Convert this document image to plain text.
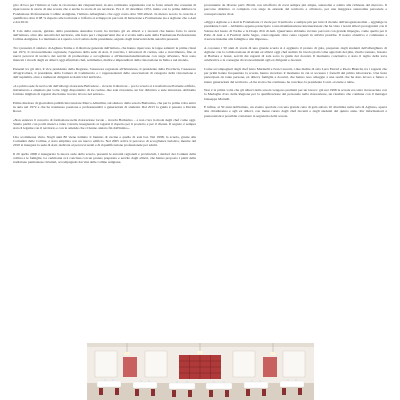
giro di boa per l'istituto si vede la ricorrenza dei cinquant'anni, in una cerimonia organizzata con le forze attuali che consente di ripercorrere la storia di una scuola che è anche la storia di un territorio. Era il 10 dicembre 1972, inizio con la prima delibera la Fondazione Professionale Colline Astigiane, l'istituto Alberghiero che oggi conta oltre 500 allievi. In mezzo secolo la crescita è qualificata oltre il 98 % rispetto alle iscrizioni e l'offerta si sviluppa in percorsi di Istruzione e Formazione sia a Agliano che a Asti e dal 2010.

Il Cda della scuola, guidato dalla presidente Annalisa Conti, ha invitato gli ex allievi e i docenti che hanno fatto la storia dell'istituto, oltre alle autorità del territorio, alla festa per i cinquant'anni che si è svolta nella sede della Fondazione Professionale Colline Astigiane. La mattinata si è aperta con il saluto della presidente, seguito dagli interventi delle autorità presenti.

Tra i presenti, il sindaco di Agliano Terme e il direttore generale dell'istituto, che hanno ripercorso le tappe salienti: le prime classi nel 1972, il riconoscimento regionale, l'apertura della sede di Asti, il convitto, i laboratori di cucina, sala e ricevimento, fino ai nuovi percorsi di tecnico dei servizi di promozione e accoglienza e all'internazionalizzazione con stage all'estero. Non sono mancati i ricordi degli ex allievi oggi affermati chef, sommelier, maître e imprenditori della ristorazione in Italia e nel mondo.

Presenti tra gli altri, il vice presidente della Regione, l'assessore regionale all'Istruzione, il presidente della Provincia, l'assessore all'agricoltura, il presidente della Camera di Commercio e i rappresentanti delle associazioni di categoria della ristorazione e dell'ospitalità, oltre a numerosi dirigenti scolastici del territorio.

«La prima sede fu nei locali dell'albergo ristorante Belvedere – ricorda il direttore – poi la scuola si è trasferita nell'attuale edificio, ristrutturato e ampliato più volte. Oggi disponiamo di tre cucine, due sale ristorante, un bar didattico e aule attrezzate. Abbiamo formato migliaia di ragazzi che hanno trovato lavoro nel settore».

Prima direttore di giornalista pubblicista lanciare Marco Abballini, sul sindaco della scuola Barbarino, che per la prima volta entrò in aula nel 1972 e che ha trasmesso passione e professionalità a generazioni di studenti. Dal 2015 la guida è passata a Davide Rossi.

«Non esisteva il concetto di formazione nella ristorazione locale – ricorda Barbarino – e non c'era la moda degli chef come oggi. Siamo partiti con pochi mezzi e tanta volontà, insegnando ai ragazzi il rispetto per il prodotto e per il cliente. Il segreto è sempre stato il legame con il territorio e con le aziende che ci hanno aiutato fin dall'inizio».

Una scommessa vinta. Negli anni 80 viene istituito il biennio di cucina e quello di sala bar. Nel 1998, la scuola, grazie alla Comunità delle Colline, è stata ampliata con un nuovo edificio. Nel 2005 arriva il percorso di accoglienza turistica, mentre dal 2010 si inaugura la sede di Asti, dedicata ai percorsi serali e di riqualificazione professionale per adulti.

Il 20 aprile 2000 è inaugurata la nuova sede della scuola, presenti le autorità regionali e provinciali, i sindaci dei Comuni della collina e le famiglie. La cerimonia si è conclusa con un pranzo preparato e servito dagli allievi, che hanno proposto i piatti della tradizione piemontese rivisitati, accompagnati dai vini delle colline astigiane.

proveniente da diverse parti d'Italia con un'offerta di corsi sempre più ampia, autonoma e adatta alle richieste del mercato. Il percorso didattico si completa con stage in aziende del territorio e all'estero, per una maggiore autonomia personale e consapevolezza di sé.

«Oggi a Agliano e a Asti la Fondazione ci vuole per il territorio e sempre più per tutto il mondo dell'enogastronomia – aggiunge la presidente Conti – Abbiamo appena partecipato a una manifestazione internazionale che ha visto i nostri allievi protagonisti con il Salone del Gusto di Torino e la Douja d'Or di Asti. Quest'anno abbiamo avviato percorsi con grande impegno, come quello per il Palio di Asti e il Festival delle Sagre, coinvolgendo oltre cento ragazzi in attività pratiche. Il nostro obiettivo è continuare a crescere insieme alle famiglie e alle imprese».

A coronare i 50 anni di storia di una grande scuola si è aggiunto il pranzo di gala, preparato dagli studenti dell'alberghiero di Agliano con la collaborazione di alcuni ex allievi oggi chef stellati. In tavola piatti come agnolotti del plin, vitello tonnato, brasato al Barbera e bonet, serviti dai ragazzi di sala sotto la guida dei docenti. Il momento conclusivo è stato il taglio della torta celebrativa e la consegna di riconoscimenti agli ex dirigenti e docenti.

Come accompagnati dagli chef Gino Marinelli e Ivan Cascetti, i due maître di sala Luca Ferrari e Paolo Bianchi, tra i ragazzi che per primi hanno frequentato la scuola, hanno ricordato il momento in cui si accesero i fornelli del primo laboratorio. Una festa partecipata da tante persone, ex allievi, famiglie e docenti, che hanno reso omaggio a una realtà che ha dato lavoro e futuro a intere generazioni del territorio. «Una storia che continua» ha concluso la presidente Conti. «Grazie a tutti».

Non è la prima volta che gli allievi della scuola vengono premiati per un lavoro: già nel 1998 la scuola era stata riconosciuta con la Medaglia d'oro della Regione per la qualificazione del personale nella ristorazione, un risultato che continua con il manager Giuseppe Martelli.

E infine, al 50 anni dell'istituto, un evento speciale con una grande cena di gala sabato 10 dicembre nella sala di Agliano, aperta alla cittadinanza e agli ex allievi, con menu curato dagli chef docenti e dagli studenti del quinto anno. Per informazioni e prenotazioni è possibile contattare la segreteria della scuola.
